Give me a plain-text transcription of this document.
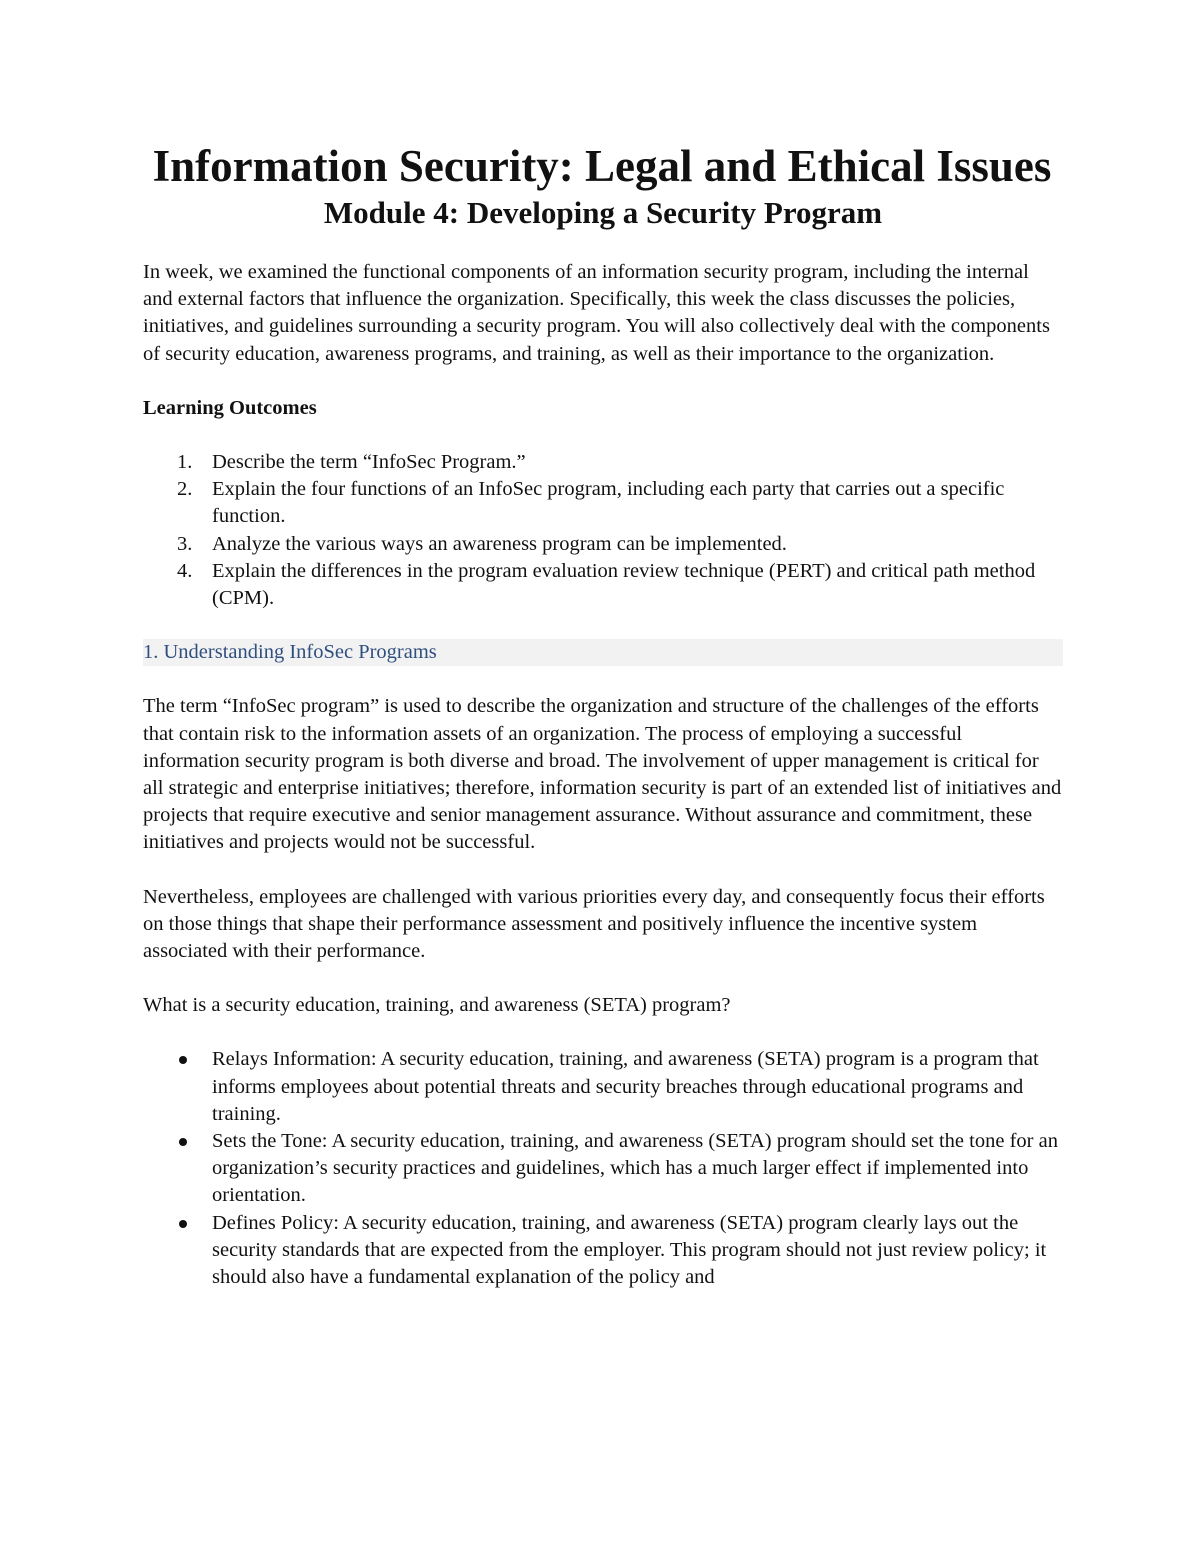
Information Security: Legal and Ethical Issues
Module 4: Developing a Security Program

In week, we examined the functional components of an information security program, including the internal and external factors that influence the organization. Specifically, this week the class discusses the policies, initiatives, and guidelines surrounding a security program. You will also collectively deal with the components of security education, awareness programs, and training, as well as their importance to the organization.

Learning Outcomes

1. Describe the term “InfoSec Program.”
2. Explain the four functions of an InfoSec program, including each party that carries out a specific function.
3. Analyze the various ways an awareness program can be implemented.
4. Explain the differences in the program evaluation review technique (PERT) and critical path method (CPM).
1. Understanding InfoSec Programs

The term “InfoSec program” is used to describe the organization and structure of the challenges of the efforts that contain risk to the information assets of an organization. The process of employing a successful information security program is both diverse and broad. The involvement of upper management is critical for all strategic and enterprise initiatives; therefore, information security is part of an extended list of initiatives and projects that require executive and senior management assurance. Without assurance and commitment, these initiatives and projects would not be successful.

Nevertheless, employees are challenged with various priorities every day, and consequently focus their efforts on those things that shape their performance assessment and positively influence the incentive system associated with their performance.

What is a security education, training, and awareness (SETA) program?

Relays Information: A security education, training, and awareness (SETA) program is a program that informs employees about potential threats and security breaches through educational programs and training.
Sets the Tone: A security education, training, and awareness (SETA) program should set the tone for an organization’s security practices and guidelines, which has a much larger effect if implemented into orientation.
Defines Policy: A security education, training, and awareness (SETA) program clearly lays out the security standards that are expected from the employer. This program should not just review policy; it should also have a fundamental explanation of the policy and
